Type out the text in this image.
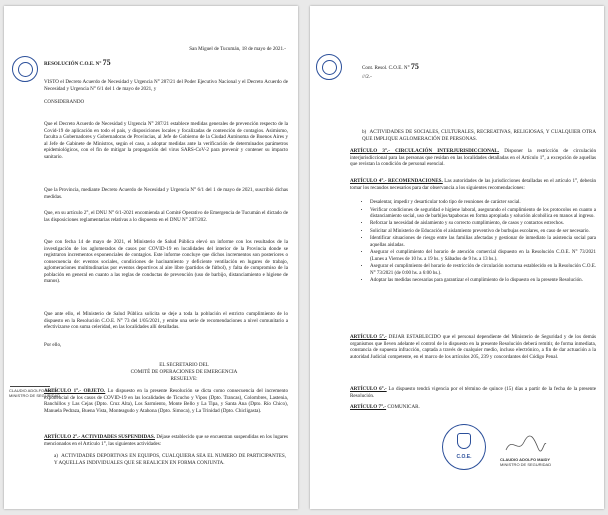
San Miguel de Tucumán, 18 de mayo de 2021.-

RESOLUCIÓN C.O.E. N° 75

VISTO el Decreto Acuerdo de Necesidad y Urgencia N° 287/21 del Poder Ejecutivo Nacional y el Decreto Acuerdo de Necesidad y Urgencia N° 6/1 del 1 de mayo de 2021, y

CONSIDERANDO

Que el Decreto Acuerdo de Necesidad y Urgencia N° 287/21 establece medidas generales de prevención respecto de la Covid-19 de aplicación en todo el país, y disposiciones locales y focalizadas de contención de contagios. Asimismo, faculta a Gobernadores y Gobernadoras de Provincias, al Jefe de Gobierno de la Ciudad Autónoma de Buenos Aires y al Jefe de Gabinete de Ministros, según el caso, a adoptar medidas ante la verificación de determinados parámetros epidemiológicos, con el fin de mitigar la propagación del virus SARS-CoV-2 para prevenir y contener su impacto sanitario.

Que la Provincia, mediante Decreto Acuerdo de Necesidad y Urgencia N° 6/1 del 1 de mayo de 2021, suscribió dichas medidas.

Que, en su artículo 2°, el DNU N° 6/1-2021 encomienda al Comité Operativo de Emergencia de Tucumán el dictado de las disposiciones reglamentarias relativas a lo dispuesto en el DNU N° 287/202.

Que con fecha 14 de mayo de 2021, el Ministerio de Salud Pública elevó un informe con los resultados de la investigación de los aglomerados de casos por COVID-19 en localidades del interior de la Provincia donde se registraron incrementos exponenciales de contagios. Este informe concluye que dichos incrementos son posteriores o consecuencia de: eventos sociales, condiciones de hacinamiento y deficiente ventilación en lugares de trabajo, aglomeraciones multitudinarias por eventos deportivos al aire libre (partidos de fútbol), y falta de compromiso de la población en general en cuanto a las reglas de conductas de prevención (uso de barbijo, distanciamiento e higiene de manos).

Que ante ello, el Ministerio de Salud Pública solicita se deje a toda la población el estricto cumplimiento de lo dispuesto en la Resolución C.O.E. N° 73 del 1/05/2021, y emite una serie de recomendaciones a nivel comunitario a efectivizarse con suma celeridad, en las localidades allí detalladas.

Por ello,

EL SECRETARIO DEL

COMITÉ DE OPERACIONES DE EMERGENCIA

RESUELVE:

CLAUDIO ADOLFO MAIDY
MINISTRO DE SEGURIDAD

ARTÍCULO 1°.- OBJETO. Lo dispuesto en la presente Resolución se dicta como consecuencia del incremento exponencial de los casos de COVID-19 en las localidades de Ticucho y Vipos (Dpto. Trancas), Colombres, Lastenia, Ranchillos y Las Cejas (Dpto. Cruz Alta), Los Sarmiento, Monte Bello y La Tipa, y Santa Ana (Dpto. Río Chico), Manuela Pedraza, Buena Vista, Monteagudo y Atahona (Dpto. Simoca), y La Trinidad (Dpto. Chicligasta).

ARTÍCULO 2°.- ACTIVIDADES SUSPENDIDAS. Déjase establecido que se encuentran suspendidas en los lugares mencionados en el Artículo 1°, las siguientes actividades:

a)  ACTIVIDADES DEPORTIVAS EN EQUIPOS, CUALQUIERA SEA EL NUMERO DE PARTICIPANTES, Y AQUELLAS INDIVIDUALES QUE SE REALICEN EN FORMA CONJUNTA.

Cont. Resol. C.O.E. N° 75

///2.-

b)  ACTIVIDADES DE SOCIALES, CULTURALES, RECREATIVAS, RELIGIOSAS, Y CUALQUIER OTRA QUE IMPLIQUE AGLOMERACIÓN DE PERSONAS.

ARTÍCULO 3°.- CIRCULACIÓN INTERJURISDICCIONAL. Disponer la restricción de circulación interjurisdiccional para las personas que residan en las localidades detalladas en el Artículo 1°, a excepción de aquellas que revistan la condición de personal esencial.

ARTÍCULO 4°.- RECOMENDACIONES. Las autoridades de las jurisdicciones detalladas en el artículo 1°, deberán tomar los recaudos necesarios para dar observancia a los siguientes recomendaciones:

• Desalentar, impedir y desarticular todo tipo de reuniones de carácter social.
• Verificar condiciones de seguridad e higiene laboral, asegurando el cumplimiento de los protocolos en cuanto a distanciamiento social, uso de barbijos/tapabocas en forma apropiada y solución alcohólica en manos al ingreso.
• Reforzar la necesidad de aislamiento y su correcto cumplimiento, de casos y contactos estrechos.
• Solicitar al Ministerio de Educación el aislamiento preventivo de burbujas escolares, en caso de ser necesario.
• Identificar situaciones de riesgo entre las familias afectadas y gestionar de inmediato la asistencia social para aquellas aisladas.
• Asegurar el cumplimiento del horario de atención comercial dispuesto en la Resolución C.O.E. N° 73/2021 (Lunes a Viernes de 10 hs. a 19 hs. y Sábados de 9 hs. a 13 hs.).
• Asegurar el cumplimiento del horario de restricción de circulación nocturna establecido en la Resolución C.O.E. N° 73/2021 (de 0:00 hs. a 6:00 hs.).
• Adoptar las medidas necesarias para garantizar el cumplimiento de lo dispuesto en la presente Resolución.

ARTÍCULO 5°.- DEJAR ESTABLECIDO que el personal dependiente del Ministerio de Seguridad y de los demás organismos que lleven adelante el control de lo dispuesto en la presente Resolución deberá remitir, de forma inmediata, constancia de supuesta infracción, captada a través de cualquier medio, incluso electrónico, a fin de dar actuación a la autoridad Judicial competente, en el marco de los artículos 205, 239 y concordantes del Código Penal.

ARTÍCULO 6°.- Lo dispuesto tendrá vigencia por el término de quince (15) días a partir de la fecha de la presente Resolución.

ARTÍCULO 7°.- COMUNICAR.

C.O.E.	CLAUDIO ADOLFO MAIDY
MINISTRO DE SEGURIDAD
